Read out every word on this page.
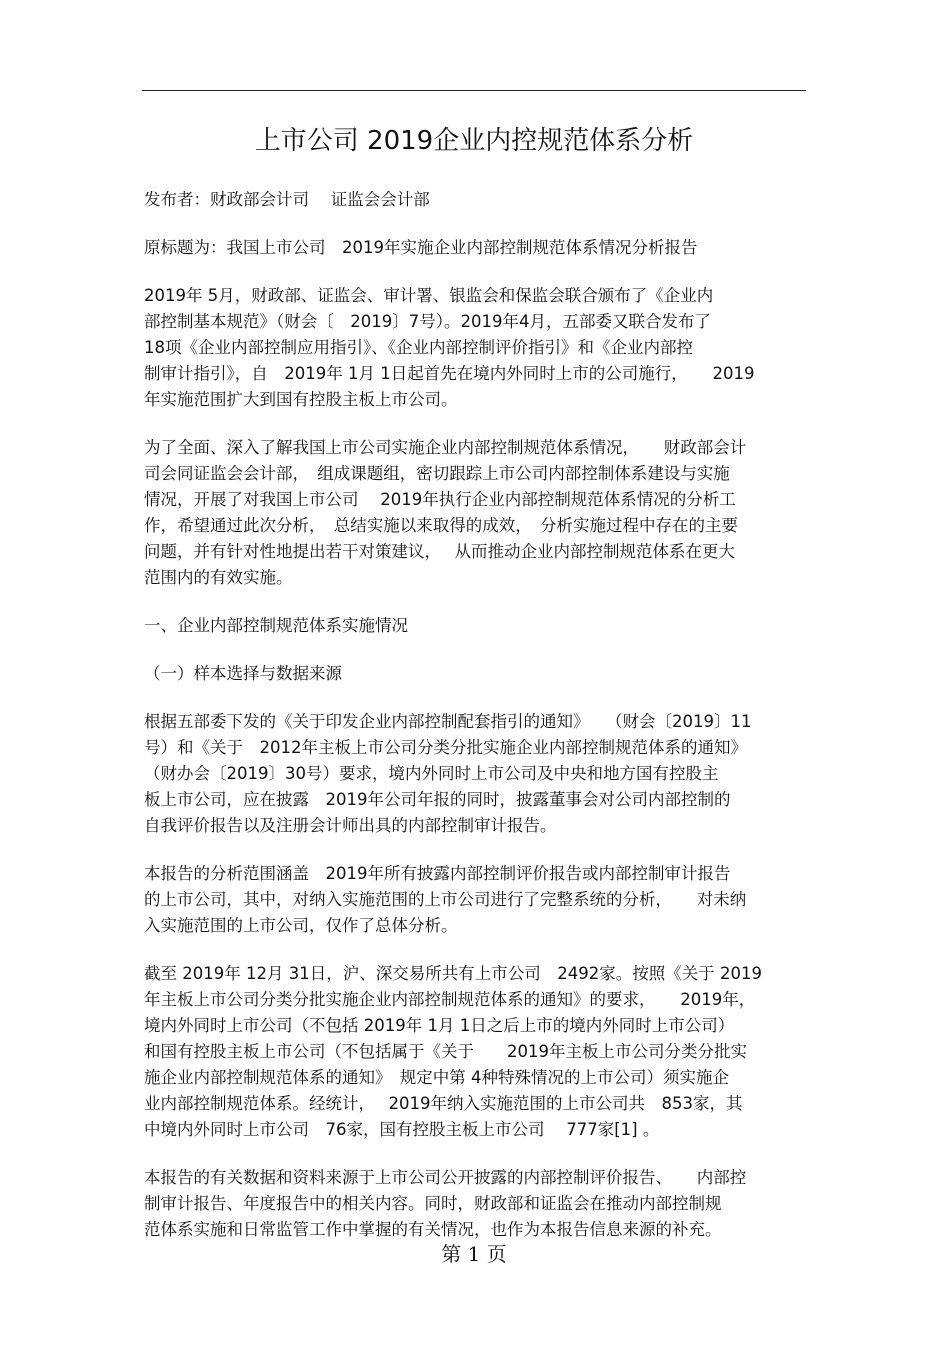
上市公司 2019企业内控规范体系分析
发布者：财政部会计司　 证监会会计部
原标题为：我国上市公司　2019年实施企业内部控制规范体系情况分析报告
2019年 5月，财政部、证监会、审计署、银监会和保监会联合颁布了《企业内
部控制基本规范》（财会〔　2019〕7号）。2019年4月，五部委又联合发布了
18项《企业内部控制应用指引》、《企业内部控制评价指引》和《企业内部控
制审计指引》，自　2019年 1月 1日起首先在境内外同时上市的公司施行，　　2019
年实施范围扩大到国有控股主板上市公司。
为了全面、深入了解我国上市公司实施企业内部控制规范体系情况，　　财政部会计
司会同证监会会计部，　组成课题组，密切跟踪上市公司内部控制体系建设与实施
情况，开展了对我国上市公司　 2019年执行企业内部控制规范体系情况的分析工
作，希望通过此次分析，　总结实施以来取得的成效，　分析实施过程中存在的主要
问题，并有针对性地提出若干对策建议，　 从而推动企业内部控制规范体系在更大
范围内的有效实施。
一、企业内部控制规范体系实施情况
（一）样本选择与数据来源
根据五部委下发的《关于印发企业内部控制配套指引的通知》　　（财会〔2019〕11
号）和《关于　2012年主板上市公司分类分批实施企业内部控制规范体系的通知》
（财办会〔2019〕30号）要求，境内外同时上市公司及中央和地方国有控股主
板上市公司，应在披露　2019年公司年报的同时，披露董事会对公司内部控制的
自我评价报告以及注册会计师出具的内部控制审计报告。
本报告的分析范围涵盖　2019年所有披露内部控制评价报告或内部控制审计报告
的上市公司，其中，对纳入实施范围的上市公司进行了完整系统的分析，　　对未纳
入实施范围的上市公司，仅作了总体分析。
截至 2019年 12月 31日，沪、深交易所共有上市公司　2492家。按照《关于 2019
年主板上市公司分类分批实施企业内部控制规范体系的通知》的要求，　　2019年，
境内外同时上市公司（不包括 2019年 1月 1日之后上市的境内外同时上市公司）
和国有控股主板上市公司（不包括属于《关于　　2019年主板上市公司分类分批实
施企业内部控制规范体系的通知》　规定中第 4种特殊情况的上市公司）须实施企
业内部控制规范体系。经统计，　 2019年纳入实施范围的上市公司共　853家，其
中境内外同时上市公司　76家，国有控股主板上市公司　 777家[1] 。
本报告的有关数据和资料来源于上市公司公开披露的内部控制评价报告、　　内部控
制审计报告、年度报告中的相关内容。同时，财政部和证监会在推动内部控制规
范体系实施和日常监管工作中掌握的有关情况，也作为本报告信息来源的补充。
第 1 页
